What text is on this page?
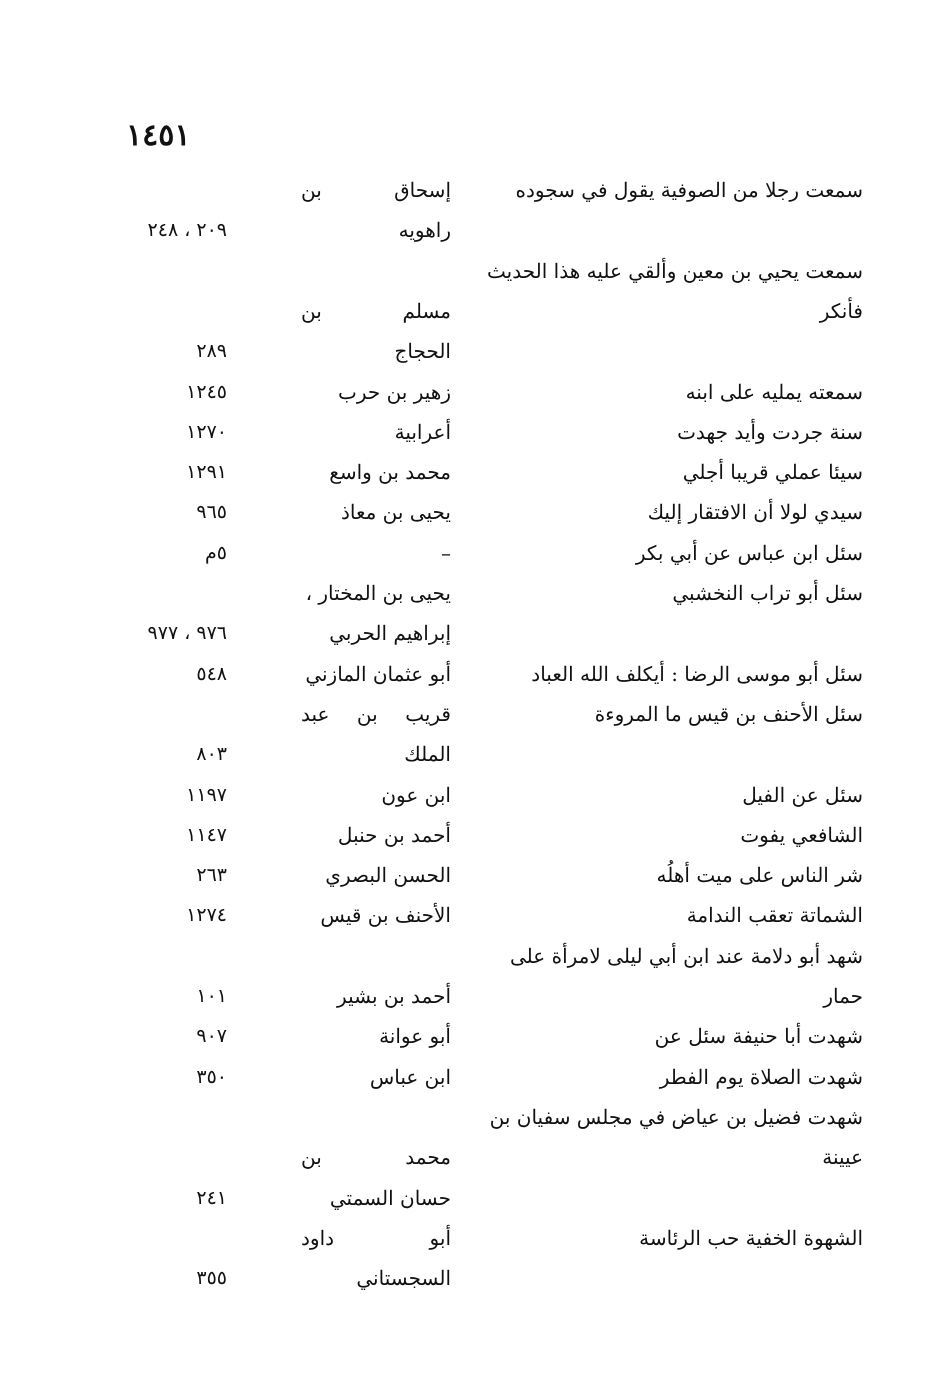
١٤٥١
سمعت رجلا من الصوفية يقول في سجوده
إسحاق بن
راهويه
٢٠٩ ، ٢٤٨
سمعت يحيي بن معين وألقي عليه هذا الحديث
فأنكر
مسلم بن
الحجاج
٢٨٩
سمعته يمليه على ابنه
زهير بن حرب
١٢٤٥
سنة جردت وأيد جهدت
أعرابية
١٢٧٠
سيئا عملي قريبا أجلي
محمد بن واسع
١٢٩١
سيدي لولا أن الافتقار إليك
يحيى بن معاذ
٩٦٥
سئل ابن عباس عن أبي بكر
–
٥م
سئل أبو تراب النخشبي
يحيى بن المختار ،
إبراهيم الحربي
٩٧٦ ، ٩٧٧
سئل أبو موسى الرضا : أيكلف الله العباد
أبو عثمان المازني
٥٤٨
سئل الأحنف بن قيس ما المروءة
قريب بن عبد
الملك
٨٠٣
سئل عن الفيل
ابن عون
١١٩٧
الشافعي يفوت
أحمد بن حنبل
١١٤٧
شر الناس على ميت أهلُه
الحسن البصري
٢٦٣
الشماتة تعقب الندامة
الأحنف بن قيس
١٢٧٤
شهد أبو دلامة عند ابن أبي ليلى لامرأة على
حمار
أحمد بن بشير
١٠١
شهدت أبا حنيفة سئل عن
أبو عوانة
٩٠٧
شهدت الصلاة يوم الفطر
ابن عباس
٣٥٠
شهدت فضيل بن عياض في مجلس سفيان بن
عيينة
محمد بن
حسان السمتي
٢٤١
الشهوة الخفية حب الرئاسة
أبو داود
السجستاني
٣٥٥
